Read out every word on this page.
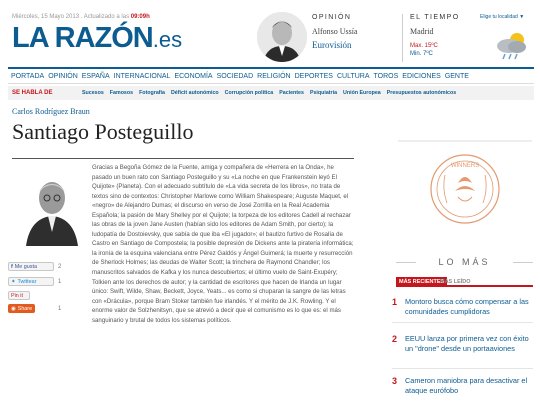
Miércoles, 15 Mayo 2013 . Actualizado a las 09:09h
LA RAZÓN.es
OPINIÓN
Alfonso Ussía
Eurovisión
EL TIEMPO	Elige tu localidad ▼
Madrid
Max. 15ºC
Min. 7ºC
PORTADA OPINIÓN ESPAÑA INTERNACIONAL ECONOMÍA SOCIEDAD RELIGIÓN DEPORTES CULTURA TOROS EDICIONES GENTE
SE HABLA DE	Sucesos Famosos Fotografía Déficit autonómico Corrupción política Pacientes Psiquiatría Unión Europea Presupuestos autonómicos
Carlos Rodríguez Braun
Santiago Posteguillo
Gracias a Begoña Gómez de la Fuente, amiga y compañera de «Herrera en la Onda», he pasado un buen rato con Santiago Posteguillo y su «La noche en que Frankenstein leyó El Quijote» (Planeta). Con el adecuado subtítulo de «La vida secreta de los libros», no trata de textos sino de contextos: Christopher Marlowe como William Shakespeare; Auguste Maquet, el «negro» de Alejandro Dumas; el discurso en verso de José Zorrilla en la Real Academia Española; la pasión de Mary Shelley por el Quijote; la torpeza de los editores Cadell al rechazar las obras de la joven Jane Austen (habían sido los editores de Adam Smith, por cierto); la ludopatía de Dostoievsky, que sabía de que iba «El jugador»; el bautizo furtivo de Rosalía de Castro en Santiago de Compostela; la posible depresión de Dickens ante la piratería informática; la ironía de la esquina valenciana entre Pérez Galdós y Ángel Guimerá; la muerte y resurrección de Sherlock Holmes; las deudas de Walter Scott; la trinchera de Raymond Chandler; los manuscritos salvados de Kafka y los nunca descubiertos; el último vuelo de Saint-Exupéry; Tolkien ante los derechos de autor; y la cantidad de escritores que hacen de Irlanda un lugar único: Swift, Wilde, Shaw, Beckett, Joyce, Yeats... es como si chuparan la sangre de las letras con «Drácula», porque Bram Stoker también fue irlandés. Y el mérito de J.K. Rowling. Y el enorme valor de Solzhenitsyn, que se atrevió a decir que el comunismo es lo que es: el más sanguinario y brutal de todos los sistemas políticos.
f Me gusta	2
✦ Twittear	1
Pin it
◉ Share	1
WINNERS
LO MÁS
MÁS RECIENTES
MÁS LEÍDO
1 Montoro busca cómo compensar a las comunidades cumplidoras
2 EEUU lanza por primera vez con éxito un "drone" desde un portaaviones
3 Cameron maniobra para desactivar el ataque eurófobo
